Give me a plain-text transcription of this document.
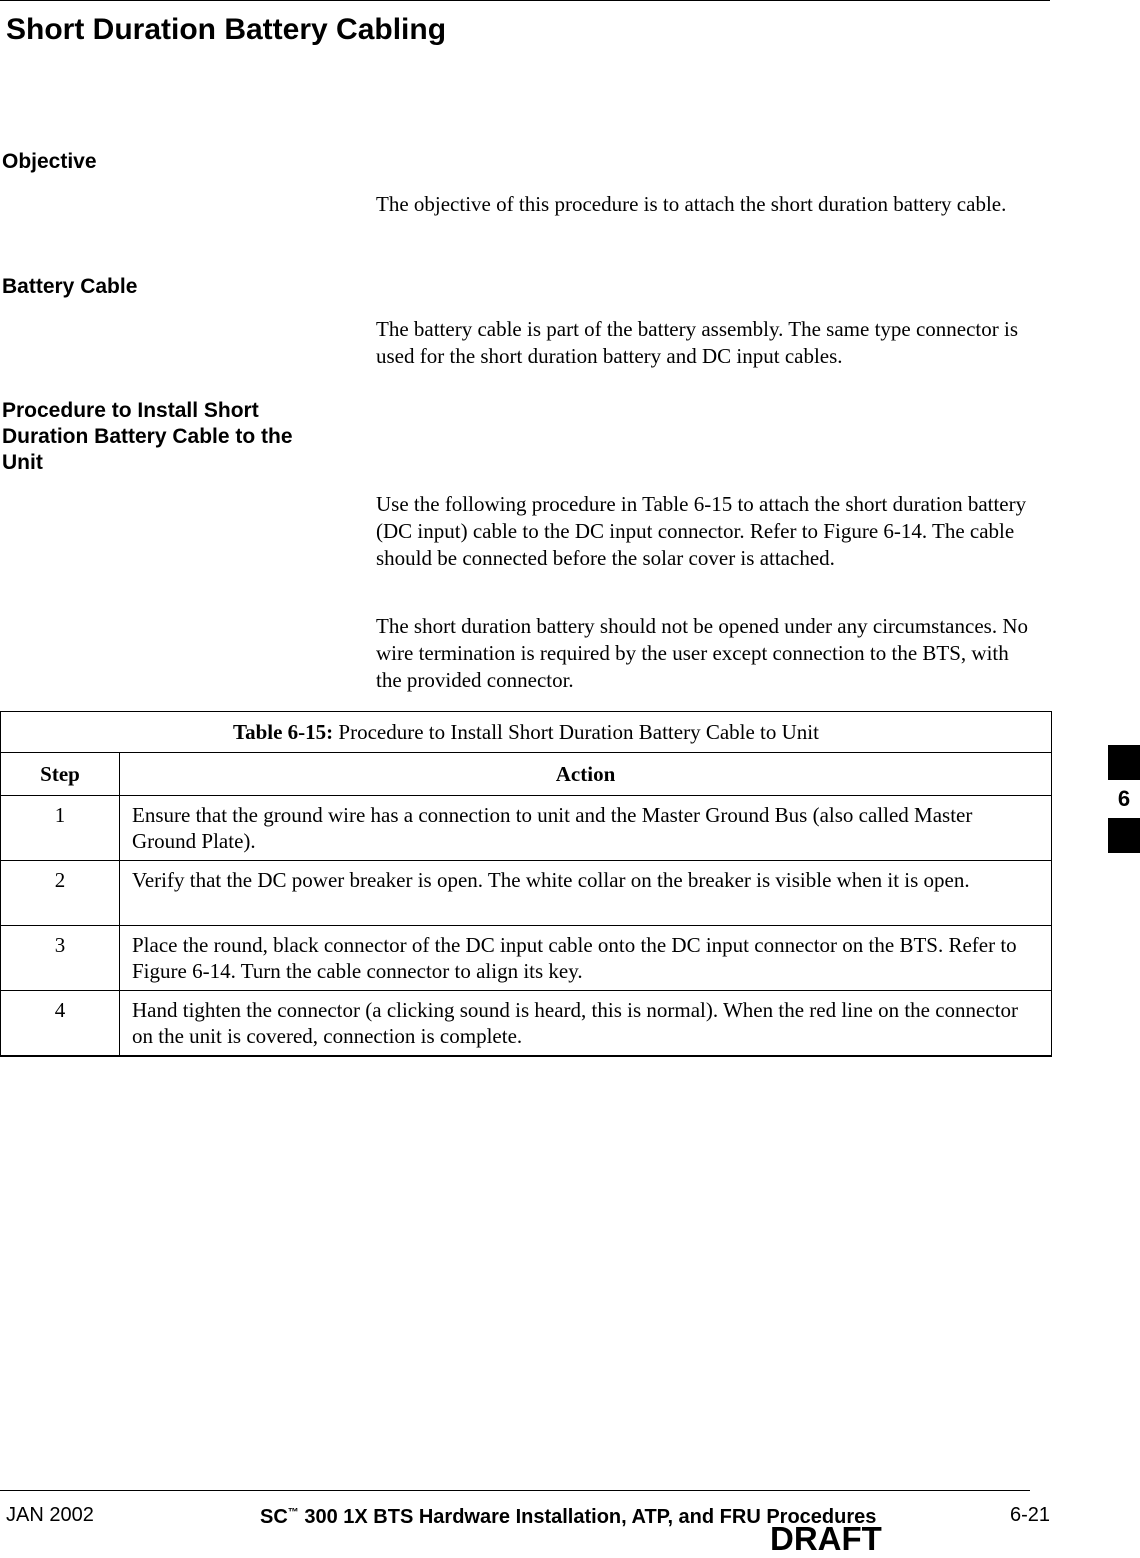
Short Duration Battery Cabling
Objective
The objective of this procedure is to attach the short duration battery cable.
Battery Cable
The battery cable is part of the battery assembly. The same type connector is used for the short duration battery and DC input cables.
Procedure to Install Short Duration Battery Cable to the Unit
Use the following procedure in Table 6-15 to attach the short duration battery (DC input) cable to the DC input connector. Refer to Figure 6-14. The cable should be connected before the solar cover is attached.
The short duration battery should not be opened under any circumstances. No wire termination is required by the user except connection to the BTS, with the provided connector.
Table 6-15: Procedure to Install Short Duration Battery Cable to Unit	
Step	Action
1	Ensure that the ground wire has a connection to unit and the Master Ground Bus (also called Master Ground Plate).
2	Verify that the DC power breaker is open. The white collar on the breaker is visible when it is open.
3	Place the round, black connector of the DC input cable onto the DC input connector on the BTS. Refer to Figure 6-14. Turn the cable connector to align its key.
4	Hand tighten the connector (a clicking sound is heard, this is normal). When the red line on the connector on the unit is covered, connection is complete.
6
JAN 2002	SC™ 300 1X BTS Hardware Installation, ATP, and FRU Procedures	6-21
DRAFT
